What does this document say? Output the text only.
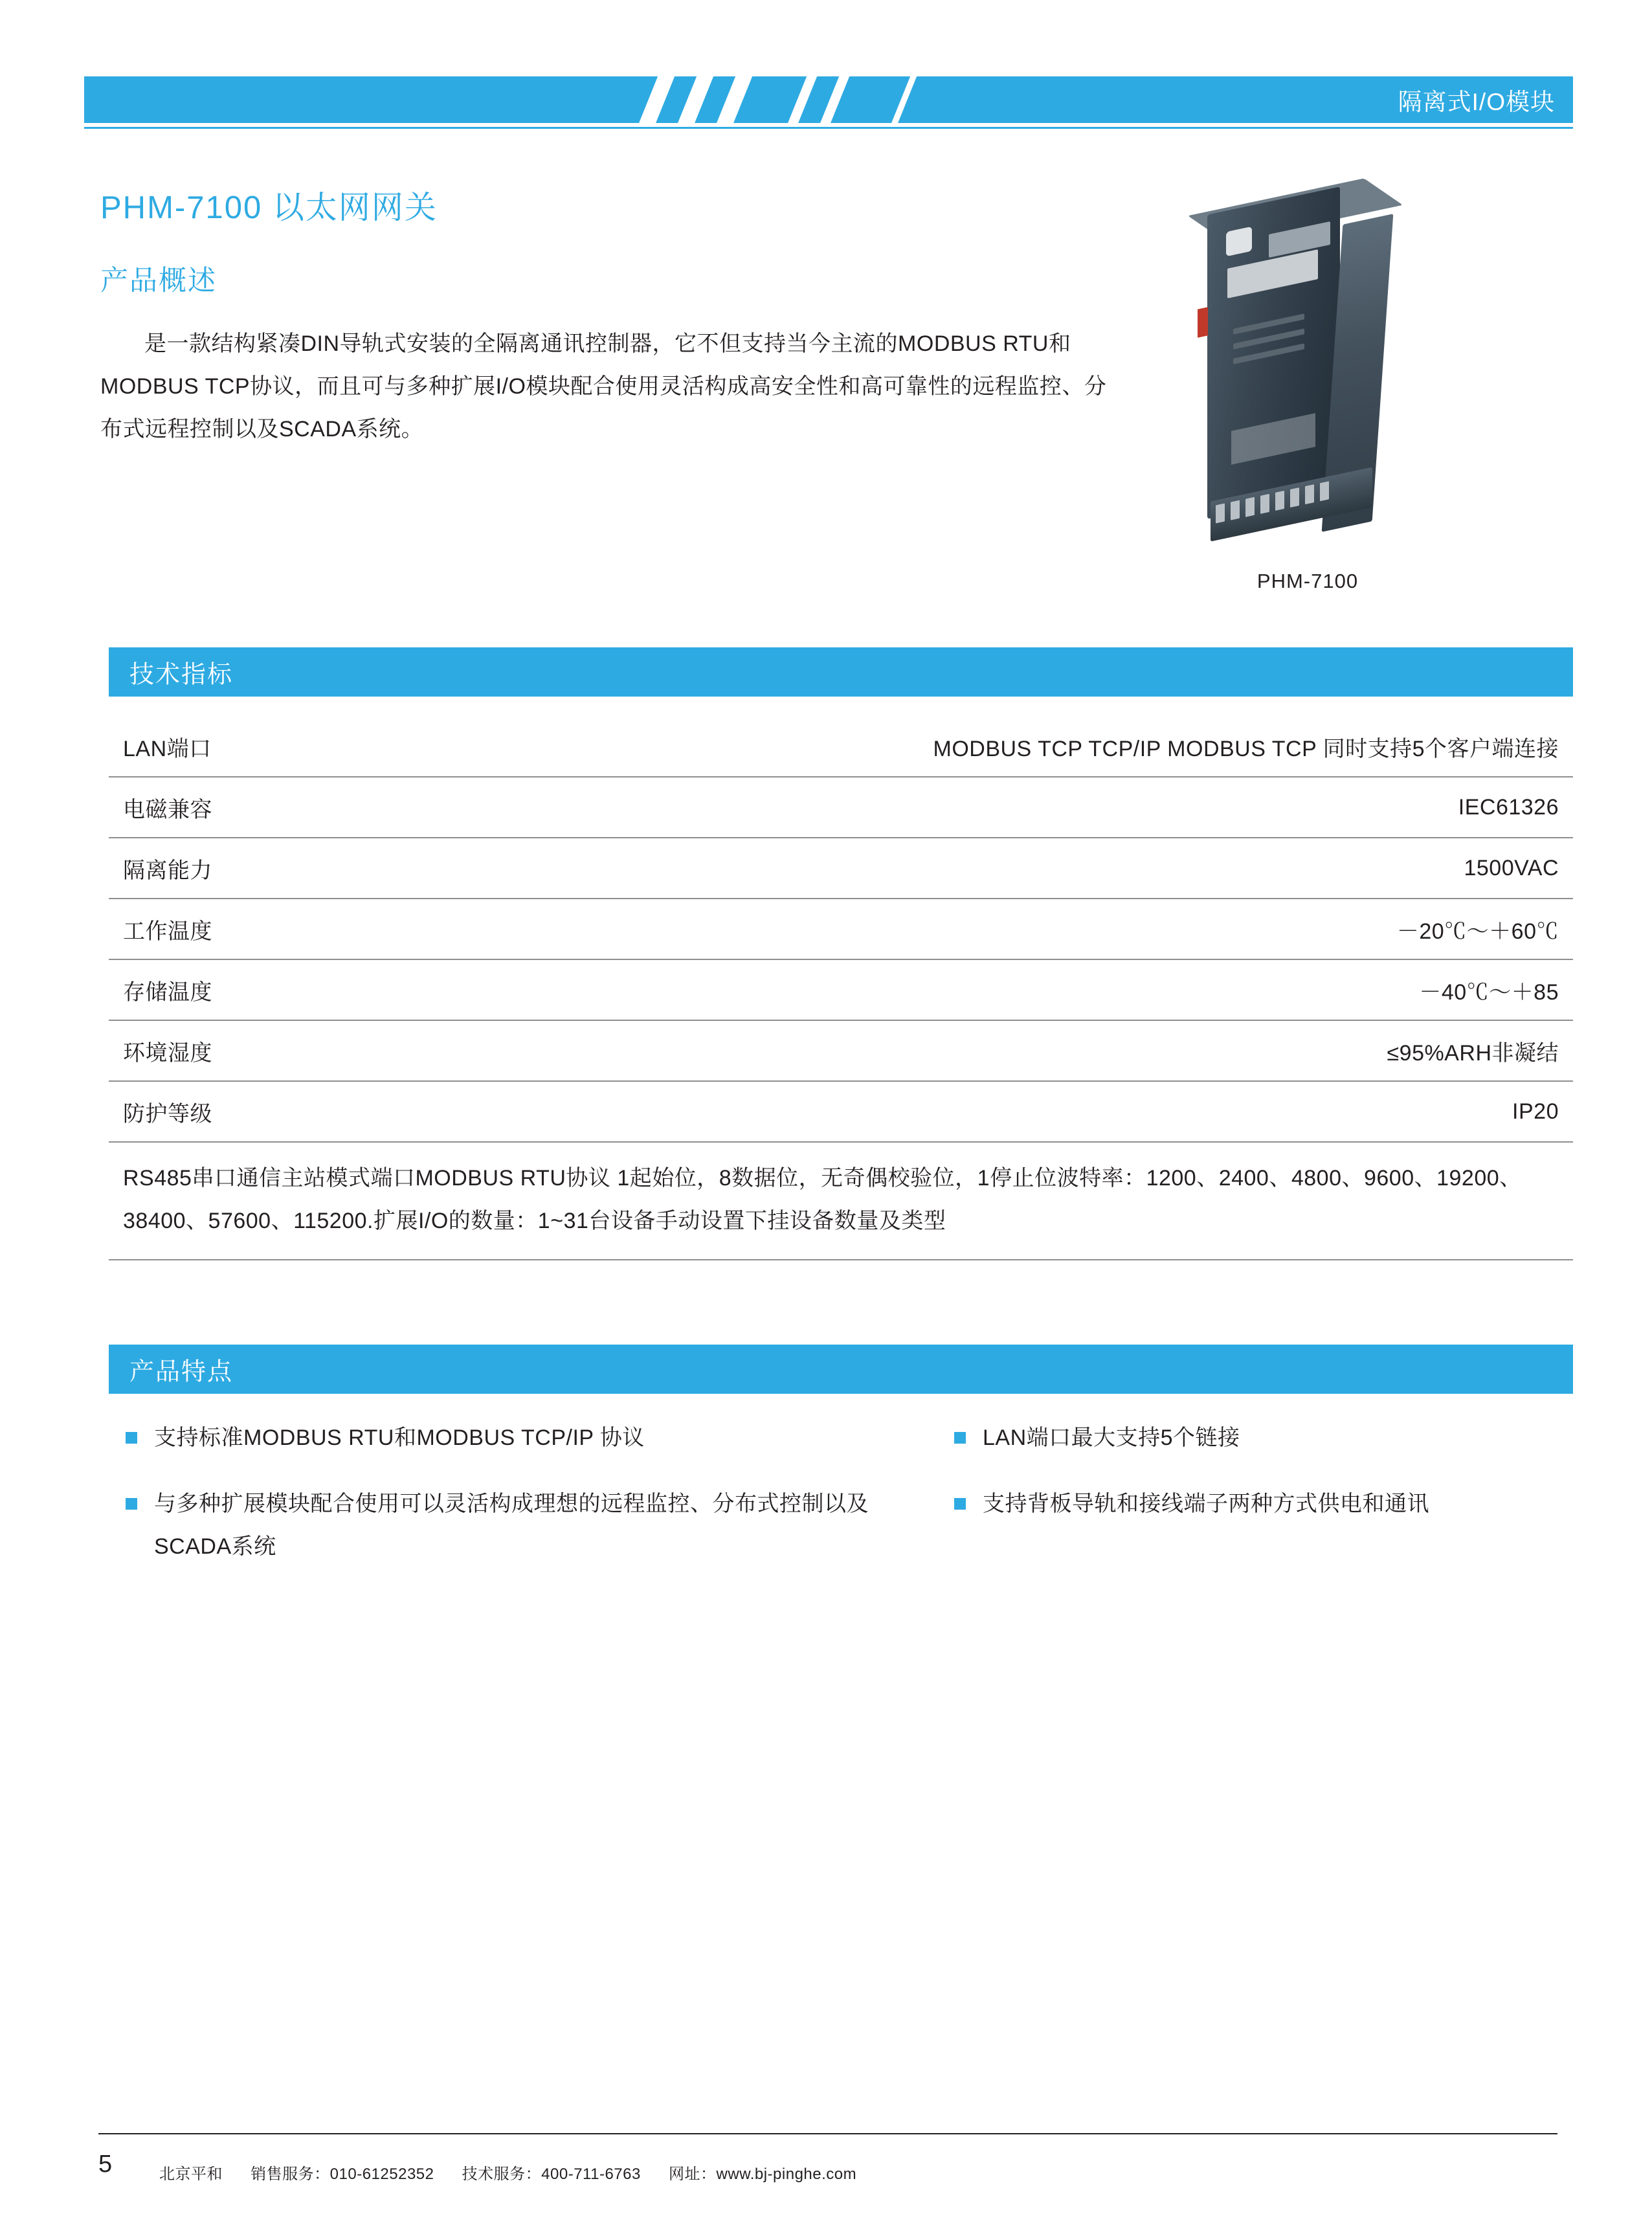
隔离式I/O模块
PHM-7100 以太网网关
产品概述
是一款结构紧凑DIN导轨式安装的全隔离通讯控制器，它不但支持当今主流的MODBUS RTU和MODBUS TCP协议，而且可与多种扩展I/O模块配合使用灵活构成高安全性和高可靠性的远程监控、分布式远程控制以及SCADA系统。
PHM-7100
技术指标
LAN端口	MODBUS TCP TCP/IP MODBUS TCP 同时支持5个客户端连接
电磁兼容	IEC61326
隔离能力	1500VAC
工作温度	－20℃～＋60℃
存储温度	－40℃～＋85
环境湿度	≤95%ARH非凝结
防护等级	IP20
RS485串口通信主站模式端口MODBUS RTU协议 1起始位，8数据位，无奇偶校验位，1停止位波特率：1200、2400、4800、9600、19200、38400、57600、115200.扩展I/O的数量：1~31台设备手动设置下挂设备数量及类型
产品特点
支持标准MODBUS RTU和MODBUS TCP/IP 协议
与多种扩展模块配合使用可以灵活构成理想的远程监控、分布式控制以及SCADA系统
LAN端口最大支持5个链接
支持背板导轨和接线端子两种方式供电和通讯
5	北京平和 销售服务：010-61252352 技术服务：400-711-6763 网址：www.bj-pinghe.com
